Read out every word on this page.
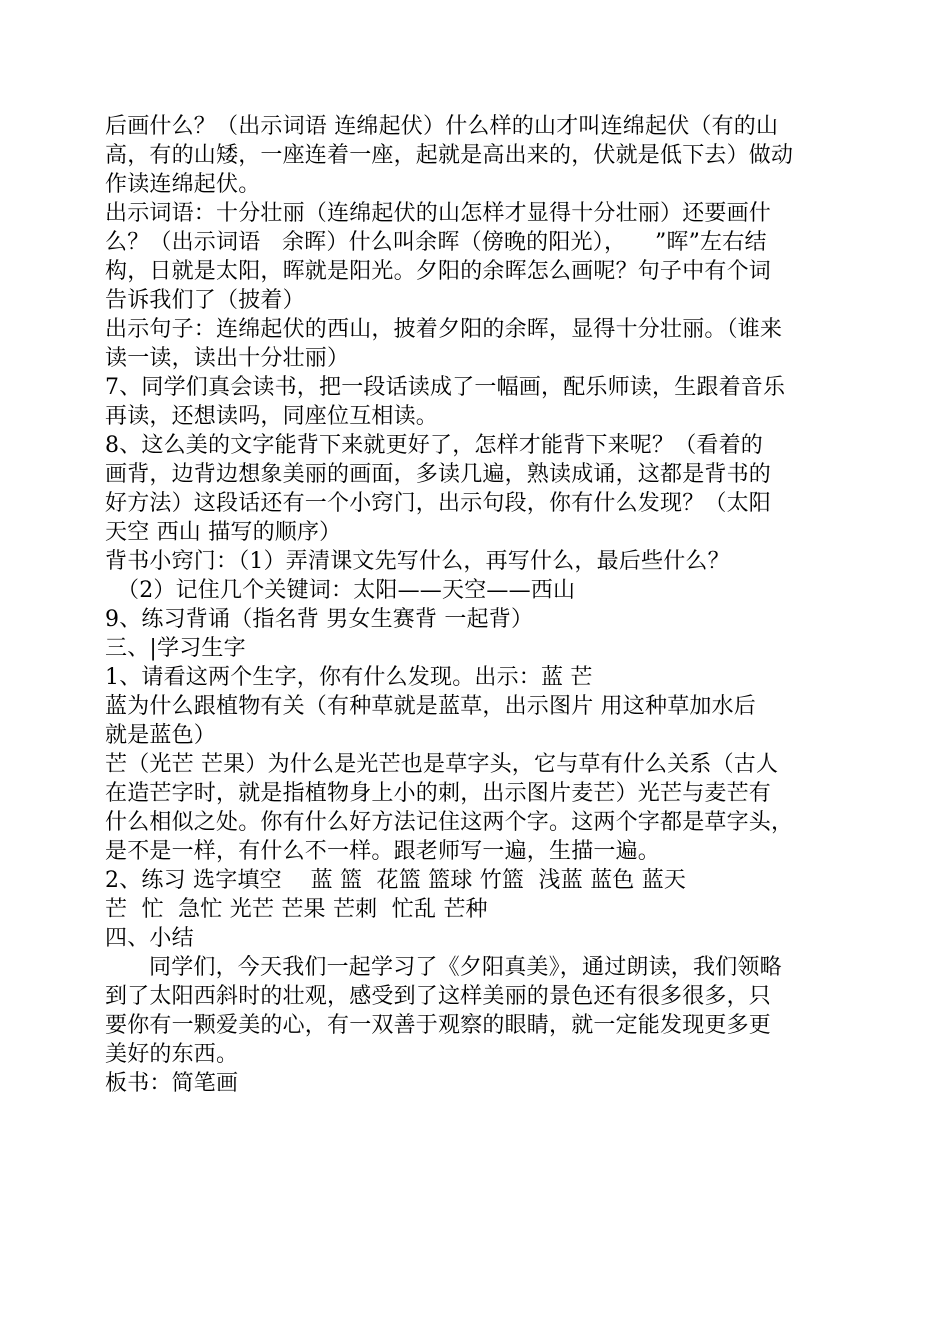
后画什么？（出示词语 连绵起伏）什么样的山才叫连绵起伏（有的山
高，有的山矮，一座连着一座，起就是高出来的，伏就是低下去）做动
作读连绵起伏。
出示词语：十分壮丽（连绵起伏的山怎样才显得十分壮丽）还要画什
么？（出示词语   余晖）什么叫余晖（傍晚的阳光），    ”晖”左右结
构，日就是太阳，晖就是阳光。夕阳的余晖怎么画呢？句子中有个词
告诉我们了（披着）
出示句子：连绵起伏的西山，披着夕阳的余晖，显得十分壮丽。（谁来
读一读，读出十分壮丽）
7、同学们真会读书，把一段话读成了一幅画，配乐师读，生跟着音乐
再读，还想读吗，同座位互相读。
8、这么美的文字能背下来就更好了，怎样才能背下来呢？（看着的
画背，边背边想象美丽的画面，多读几遍，熟读成诵，这都是背书的
好方法）这段话还有一个小窍门，出示句段，你有什么发现？（太阳
天空 西山 描写的顺序）
背书小窍门：（1）弄清课文先写什么，再写什么，最后些什么？
（2）记住几个关键词：太阳——天空——西山
9、练习背诵（指名背 男女生赛背 一起背）
三、|学习生字
1、请看这两个生字，你有什么发现。出示：蓝 芒
蓝为什么跟植物有关（有种草就是蓝草，出示图片 用这种草加水后
就是蓝色）
芒（光芒 芒果）为什么是光芒也是草字头，它与草有什么关系（古人
在造芒字时，就是指植物身上小的刺，出示图片麦芒）光芒与麦芒有
什么相似之处。你有什么好方法记住这两个字。这两个字都是草字头，
是不是一样，有什么不一样。跟老师写一遍，生描一遍。
2、练习 选字填空    蓝 篮  花篮 篮球 竹篮  浅蓝 蓝色 蓝天
芒  忙  急忙 光芒 芒果 芒刺  忙乱 芒种
四、小结
同学们，今天我们一起学习了《夕阳真美》，通过朗读，我们领略
到了太阳西斜时的壮观，感受到了这样美丽的景色还有很多很多，只
要你有一颗爱美的心，有一双善于观察的眼睛，就一定能发现更多更
美好的东西。
板书：简笔画
